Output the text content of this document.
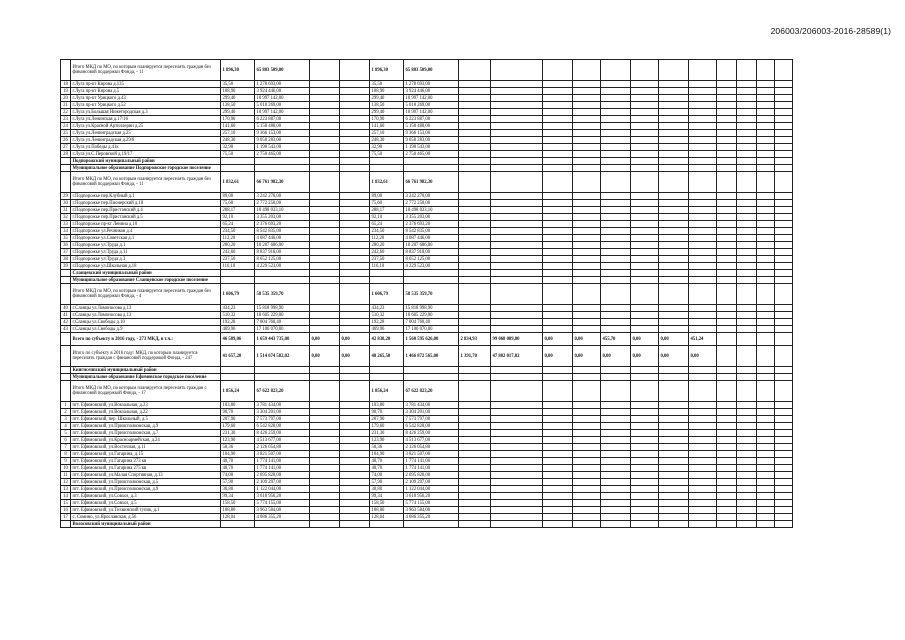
206003/206003-2016-28589(1)
	Итого МКД по МО, по которым планируется переселять граждан без финансовой поддержки Фонда, - 11	1 896,30	65 803 509,00			1 896,30	65 803 509,00												
18	г.Луга пр-кт Кирова д.135	35,50	1 278 693,00			35,50	1 278 693,00												
19	г.Луга пр-кт Кирова д.5	108,90	3 924 446,00			108,90	3 924 446,00												
20	г.Луга пр-кт Урицкого д.43	299,40	10 997 142,00			299,40	10 997 142,00												
21	г.Луга пр-кт Урицкого д.52	138,50	5 018 269,00			138,50	5 018 269,00												
22	г.Луга ул.Большая Нижегородская д.3	299,40	10 997 142,00			299,40	10 997 142,00												
23	г.Луга ул.Ленинская д.17/16	170,90	6 223 887,00			170,90	6 223 887,00												
24	г.Луга ул.Красной Артиллерии д.25	141,60	5 158 488,00			141,60	5 158 488,00												
25	г.Луга ул.Ленинградская д.25	257,10	9 366 153,00			257,10	9 366 153,00												
26	г.Луга ул.Ленинградская д.29/8	248,30	9 058 283,00			248,30	9 058 283,00												
27	г.Луга ул.Победы д.41к	32,90	1 198 543,00			32,90	1 198 543,00												
28	г.Луга ул.С.Перовской д.19/17	75,50	2 750 465,00			75,50	2 750 465,00												
	Подпорожский муниципальный район																		
	Муниципальное образование Подпорожское городское поселение																		
	Итого МКД по МО, по которым планируется переселять граждан без финансовой поддержки Фонда, - 11	1 832,61	66 761 982,30			1 832,61	66 761 982,30												
29	г.Подпорожье пер.Клубный д.1	89,00	3 242 270,00			89,00	3 242 270,00												
30	г.Подпорожье пер.Пионерский д.18	75,60	2 772 250,00			75,60	2 772 250,00												
31	г.Подпорожье пер.Пристанский д.4	288,17	10 498 033,10			288,17	10 498 033,10												
32	г.Подпорожье пер.Пристанский д.5	92,10	3 355 203,00			92,10	3 355 203,00												
33	г.Подпорожье пр-кт Ленина д.10	65,24	2 376 693,20			65,24	2 376 693,20												
34	г.Подпорожье ул.Речников д.4	234,50	8 542 835,00			234,50	8 542 835,00												
35	г.Подпорожье ул.Советская д.1	112,20	4 087 446,00			112,20	4 087 446,00												
36	г.Подпорожье ул.Труда д.1	280,20	10 207 686,00			280,20	10 207 686,00												
37	г.Подпорожье ул.Труда д.11	242,60	8 837 918,00			242,60	8 837 918,00												
38	г.Подпорожье ул.Труда д.3	237,50	8 652 125,00			237,50	8 652 125,00												
39	г.Подпорожье ул.Школьная д.18	116,10	4 229 523,00			116,10	4 229 523,00												
	Сланцевский муниципальный район																		
	Муниципальное образование Сланцевское городское поселение																		
	Итого МКД по МО, по которым планируется переселять граждан без финансовой поддержки Фонда, - 4	1 606,79	58 535 359,70			1 606,79	58 535 359,70												
40	г.Сланцы ул.Ломоносова д.13	434,23	15 818 998,90			434,23	15 818 998,90												
41	г.Сланцы ул.Ломоносова д.13	510,32	18 605 229,00			510,32	18 605 229,00												
42	г.Сланцы ул.Свободы д.10	192,28	7 004 760,40			192,28	7 004 760,40												
43	г.Сланцы ул.Свободы д.9	469,96	17 106 070,80			469,96	17 106 070,80												
	Всего по субъекту в 2016 году, - 273 МКД, в т.ч.:	46 589,06	1 659 443 735,00	0,00	0,00	42 838,20	1 560 595 626,00	2 834,93	99 068 089,00	0,00	0,00	455,70	0,00	0,00	451,24				
	Итого по субъекту в 2016 году: МКД, по которым планируется переселять граждан с финансовой поддержкой Фонда, - 247	41 657,20	1 514 674 582,02	0,00	0,00	40 265,50	1 466 872 565,00	1 391,70	47 802 017,02	0,00	0,00	0,00	0,00	0,00	0,00				
	Кингисеппский муниципальный район																		
	Муниципальное образование Ефимовское городское поселение																		
	Итого МКД по МО, по которым планируется переселять граждан с финансовой поддержкой Фонда, - 17	1 856,24	67 622 823,20			1 856,24	67 622 823,20												
1	пгт. Ефимовский, ул.Вокзальная, д.23	103,80	3 781 434,00			103,80	3 781 434,00												
2	пгт. Ефимовский, ул.Вокзальная, д.22	90,70	3 304 201,00			90,70	3 304 201,00												
3	пгт. Ефимовский, пер. Школьный, д.5	207,90	7 573 797,00			207,90	7 573 797,00												
4	пгт. Ефимовский, ул.Приисполкомская, д.9	179,60	6 542 828,00			179,60	6 542 828,00												
5	пгт. Ефимовский, ул.Приисполкомская, д.7	231,30	8 426 259,00			231,30	8 426 259,00												
6	пгт. Ефимовский, ул.Красноармейская, д.24	123,90	4 513 677,00			123,90	4 513 677,00												
7	пгт. Ефимовский, ул.Восточная, д.11	58,36	2 126 054,80			58,36	2 126 054,80												
8	пгт. Ефимовский, ул.Гагарина, д.15	104,90	3 821 507,00			104,90	3 821 507,00												
9	пгт. Ефимовский, ул.Гагарина 273 кв	48,70	1 774 141,00			48,70	1 774 141,00												
10	пгт. Ефимовский, ул.Гагарина 275 кв	48,70	1 774 141,00			48,70	1 774 141,00												
11	пгт. Ефимовский, ул.Малая Спортивная, д.13	74,00	2 695 820,00			74,00	2 695 820,00												
12	пгт. Ефимовский, ул.Приисполкомская, д.5	57,90	2 109 297,00			57,90	2 109 297,00												
13	пгт. Ефимовский, ул.Приисполкомская, д.9	30,80	1 122 044,00			30,80	1 122 044,00												
14	пгт. Ефимовский, ул.Совхоз, д.3	99,34	3 618 956,20			99,34	3 618 956,20												
15	пгт. Ефимовский, ул.Совхоз, д.5	158,50	5 774 155,00			158,50	5 774 155,00												
16	пгт. Ефимовский, ул.Тихвинский тупик, д.1	108,80	3 963 584,00			108,80	3 963 584,00												
17	с. Сомино, ул.Ярославская, д.56	128,04	4 086 355,20			128,04	4 086 355,20												
	Волосовский муниципальный район																		
